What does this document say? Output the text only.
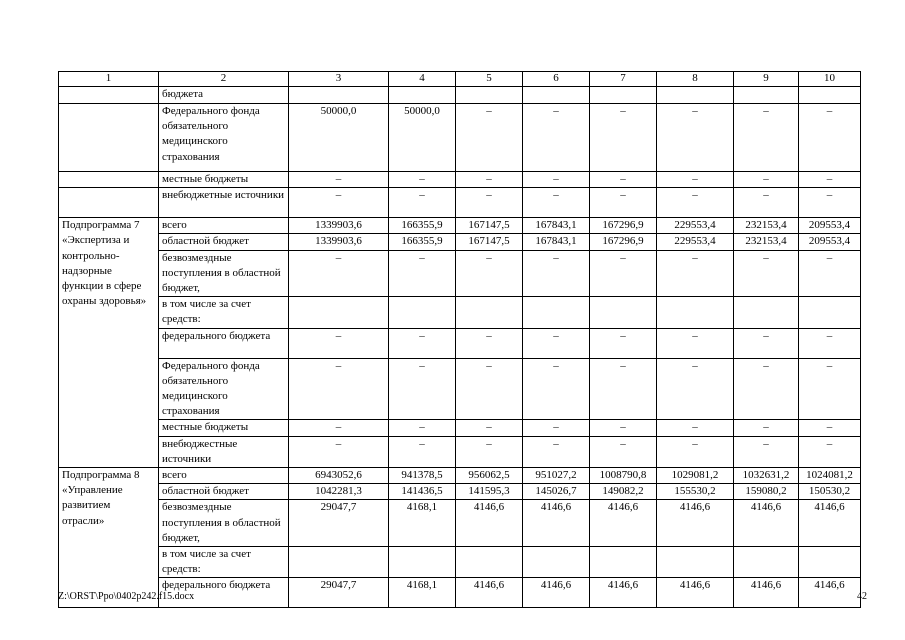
1	2	3	4	5	6	7	8	9	10
	бюджета								
	Федерального фонда обязательного медицинского страхования	50000,0	50000,0	–	–	–	–	–	–
	местные бюджеты	–	–	–	–	–	–	–	–
	внебюджетные источники	–	–	–	–	–	–	–	–
Подпрограмма 7 «Экспертиза и контрольно-надзорные функции в сфере охраны здоровья»	всего	1339903,6	166355,9	167147,5	167843,1	167296,9	229553,4	232153,4	209553,4
	областной бюджет	1339903,6	166355,9	167147,5	167843,1	167296,9	229553,4	232153,4	209553,4
	безвозмездные поступления в областной бюджет,	–	–	–	–	–	–	–	–
	в том числе за счет средств:								
	федерального бюджета	–	–	–	–	–	–	–	–
	Федерального фонда обязательного медицинского страхования	–	–	–	–	–	–	–	–
	местные бюджеты	–	–	–	–	–	–	–	–
	внебюджестные источники	–	–	–	–	–	–	–	–
Подпрограмма 8 «Управление развитием отрасли»	всего	6943052,6	941378,5	956062,5	951027,2	1008790,8	1029081,2	1032631,2	1024081,2
	областной бюджет	1042281,3	141436,5	141595,3	145026,7	149082,2	155530,2	159080,2	150530,2
	безвозмездные поступления в областной бюджет,	29047,7	4168,1	4146,6	4146,6	4146,6	4146,6	4146,6	4146,6
	в том числе за счет средств:								
	федерального бюджета	29047,7	4168,1	4146,6	4146,6	4146,6	4146,6	4146,6	4146,6
Z:\ORST\Ppo\0402p242.f15.docx	42
